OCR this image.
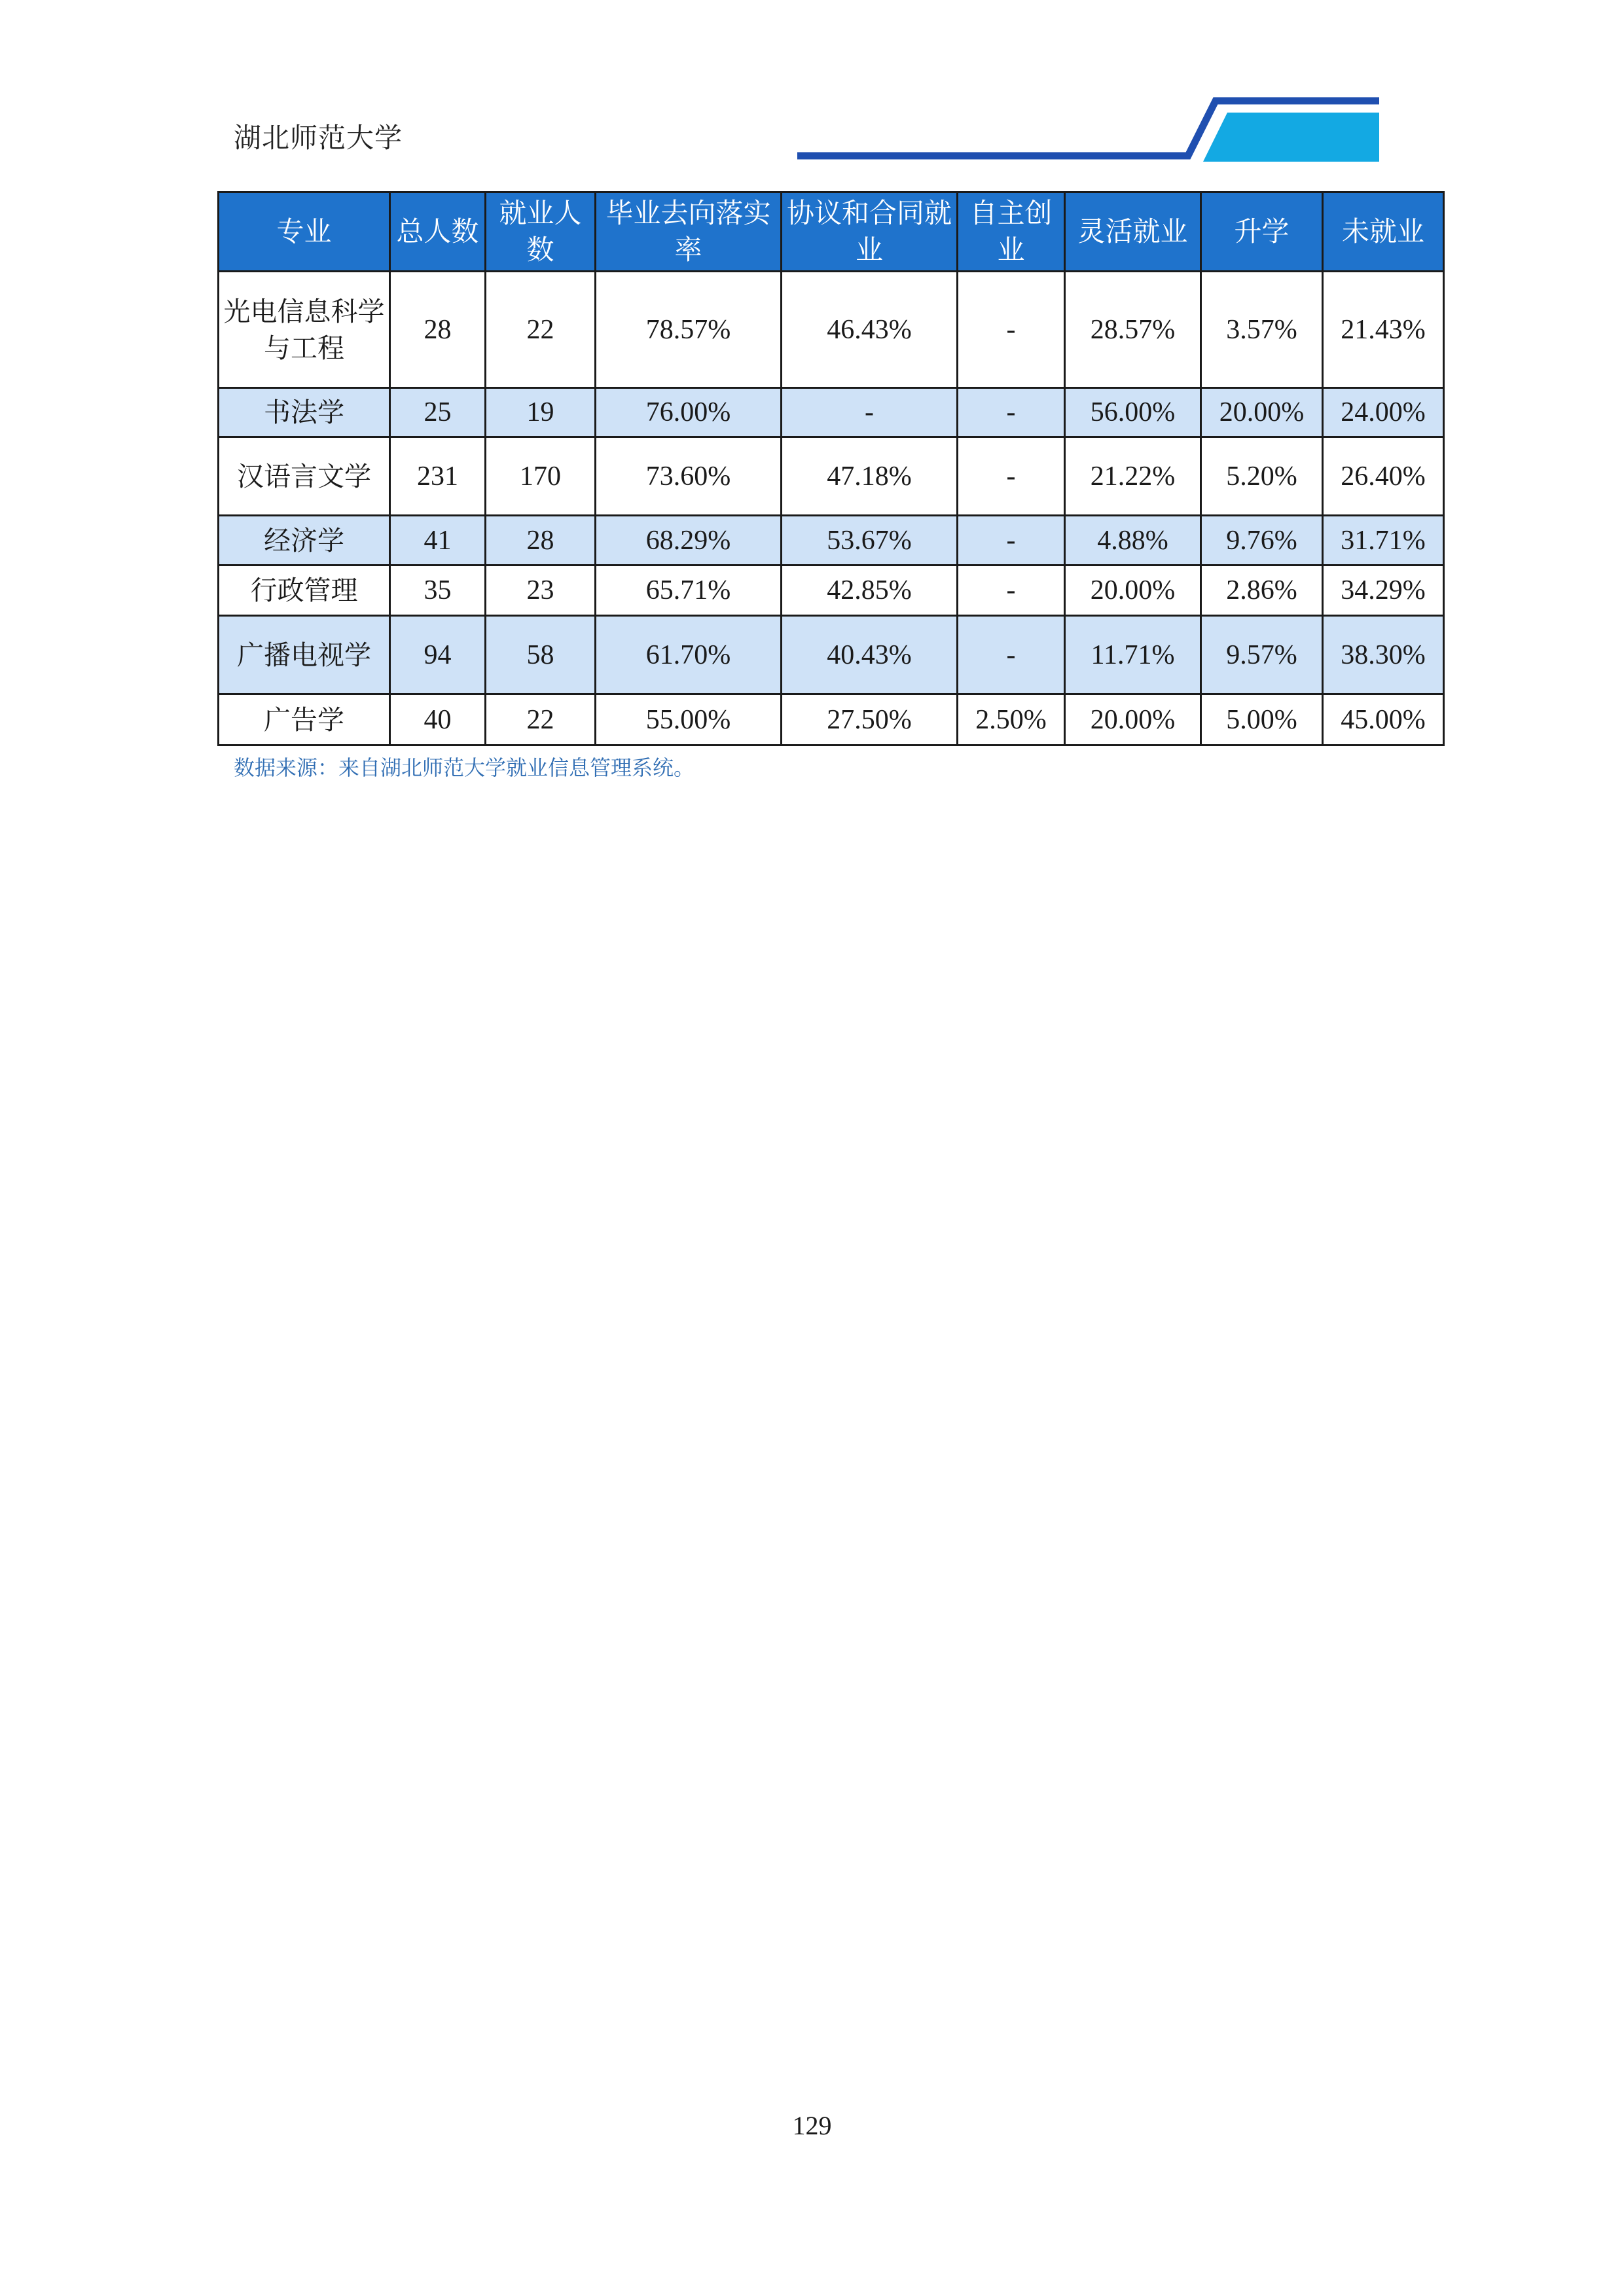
湖北师范大学
专业	总人数	就业人数	毕业去向落实率	协议和合同就业	自主创业	灵活就业	升学	未就业
光电信息科学与工程	28	22	78.57%	46.43%	-	28.57%	3.57%	21.43%
书法学	25	19	76.00%	-	-	56.00%	20.00%	24.00%
汉语言文学	231	170	73.60%	47.18%	-	21.22%	5.20%	26.40%
经济学	41	28	68.29%	53.67%	-	4.88%	9.76%	31.71%
行政管理	35	23	65.71%	42.85%	-	20.00%	2.86%	34.29%
广播电视学	94	58	61.70%	40.43%	-	11.71%	9.57%	38.30%
广告学	40	22	55.00%	27.50%	2.50%	20.00%	5.00%	45.00%
数据来源：来自湖北师范大学就业信息管理系统。
129
